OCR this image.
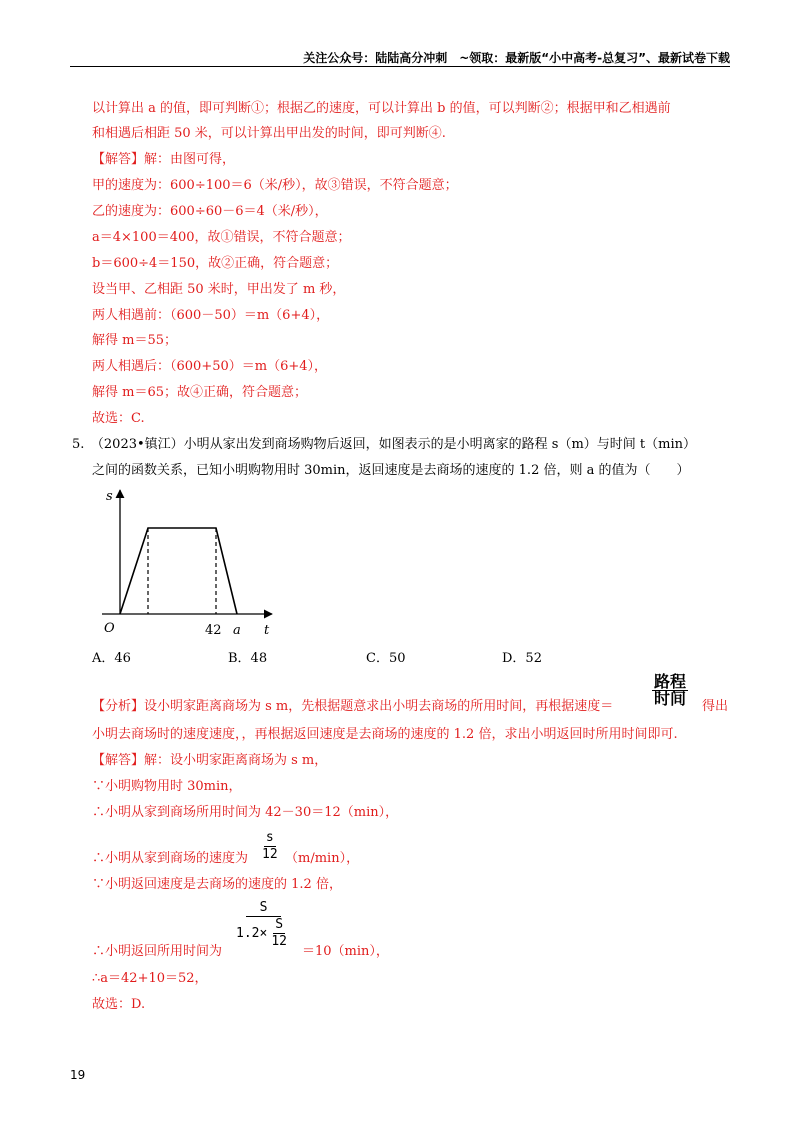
关注公众号：陆陆高分冲刺　~领取：最新版“小中高考-总复习”、最新试卷下载
以计算出 a 的值，即可判断①；根据乙的速度，可以计算出 b 的值，可以判断②；根据甲和乙相遇前
和相遇后相距 50 米，可以计算出甲出发的时间，即可判断④.
【解答】解：由图可得，
甲的速度为：600÷100＝6（米/秒），故③错误，不符合题意；
乙的速度为：600÷60－6＝4（米/秒），
a＝4×100＝400，故①错误，不符合题意；
b＝600÷4＝150，故②正确，符合题意；
设当甲、乙相距 50 米时，甲出发了 m 秒，
两人相遇前：（600－50）＝m（6+4），
解得 m＝55；
两人相遇后：（600+50）＝m（6+4），
解得 m＝65；故④正确，符合题意；
故选：C.
5.　（2023•镇江）小明从家出发到商场购物后返回，如图表示的是小明离家的路程 s（m）与时间 t（min）
之间的函数关系，已知小明购物用时 30min，返回速度是去商场的速度的 1.2 倍，则 a 的值为（　　）
s
O	42 a t
A．46	B．48	C．50	D．52
【分析】设小明家距离商场为 s m，先根据题意求出小明去商场的所用时间，再根据速度＝ $\frac{\text{路程}}{\text{时间}}$ 得出
小明去商场时的速度速度，，再根据返回速度是去商场的速度的 1.2 倍，求出小明返回时所用时间即可.
【解答】解：设小明家距离商场为 s m，
∵小明购物用时 30min，
∴小明从家到商场所用时间为 42－30＝12（min），
∴小明从家到商场的速度为 $\frac{s}{12} (m/\min)$，
∵小明返回速度是去商场的速度的 1.2 倍，
∴小明返回所用时间为
$\frac{S}{1.2\times \frac{S}{12}}$
＝10（min），
∴a＝42+10＝52，
故选：D.
19
